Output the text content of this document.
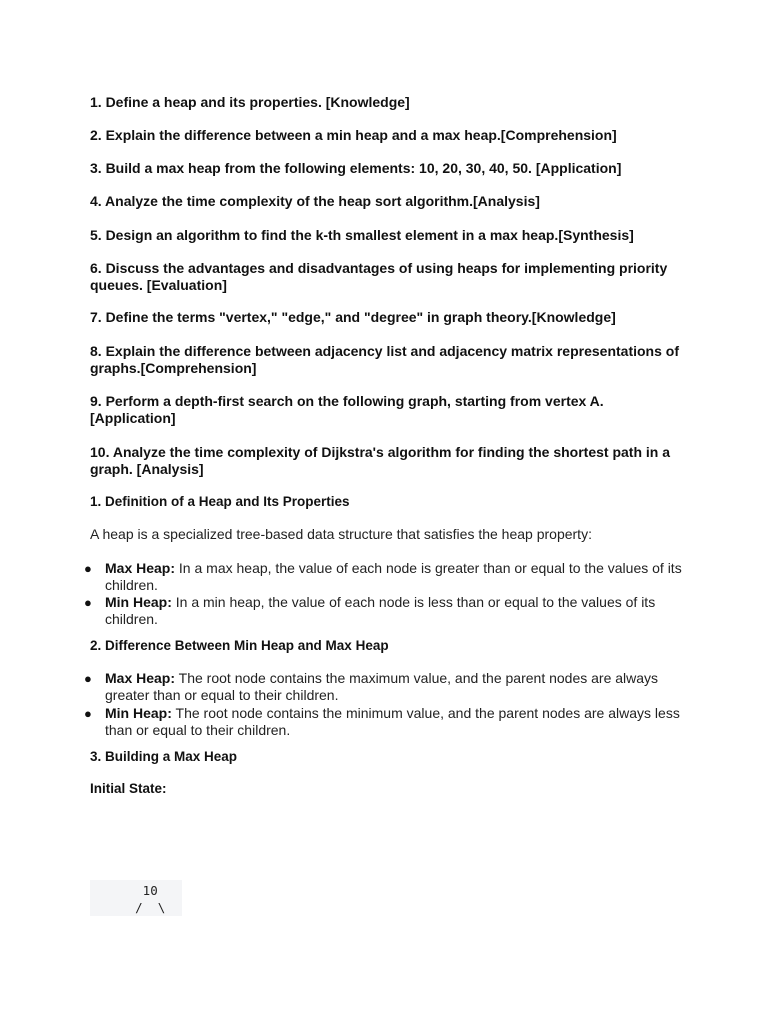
1. Define a heap and its properties. [Knowledge]

2. Explain the difference between a min heap and a max heap.[Comprehension]

3. Build a max heap from the following elements: 10, 20, 30, 40, 50. [Application]

4. Analyze the time complexity of the heap sort algorithm.[Analysis]

5. Design an algorithm to find the k-th smallest element in a max heap.[Synthesis]

6. Discuss the advantages and disadvantages of using heaps for implementing priority queues. [Evaluation]

7. Define the terms "vertex," "edge," and "degree" in graph theory.[Knowledge]

8. Explain the difference between adjacency list and adjacency matrix representations of graphs.[Comprehension]

9. Perform a depth-first search on the following graph, starting from vertex A. [Application]

10. Analyze the time complexity of Dijkstra's algorithm for finding the shortest path in a graph. [Analysis]

1. Definition of a Heap and Its Properties

A heap is a specialized tree-based data structure that satisfies the heap property:

● Max Heap: In a max heap, the value of each node is greater than or equal to the values of its children.

● Min Heap: In a min heap, the value of each node is less than or equal to the values of its children.

2. Difference Between Min Heap and Max Heap

● Max Heap: The root node contains the maximum value, and the parent nodes are always greater than or equal to their children.

● Min Heap: The root node contains the minimum value, and the parent nodes are always less than or equal to their children.

3. Building a Max Heap

Initial State:

10
/  \
